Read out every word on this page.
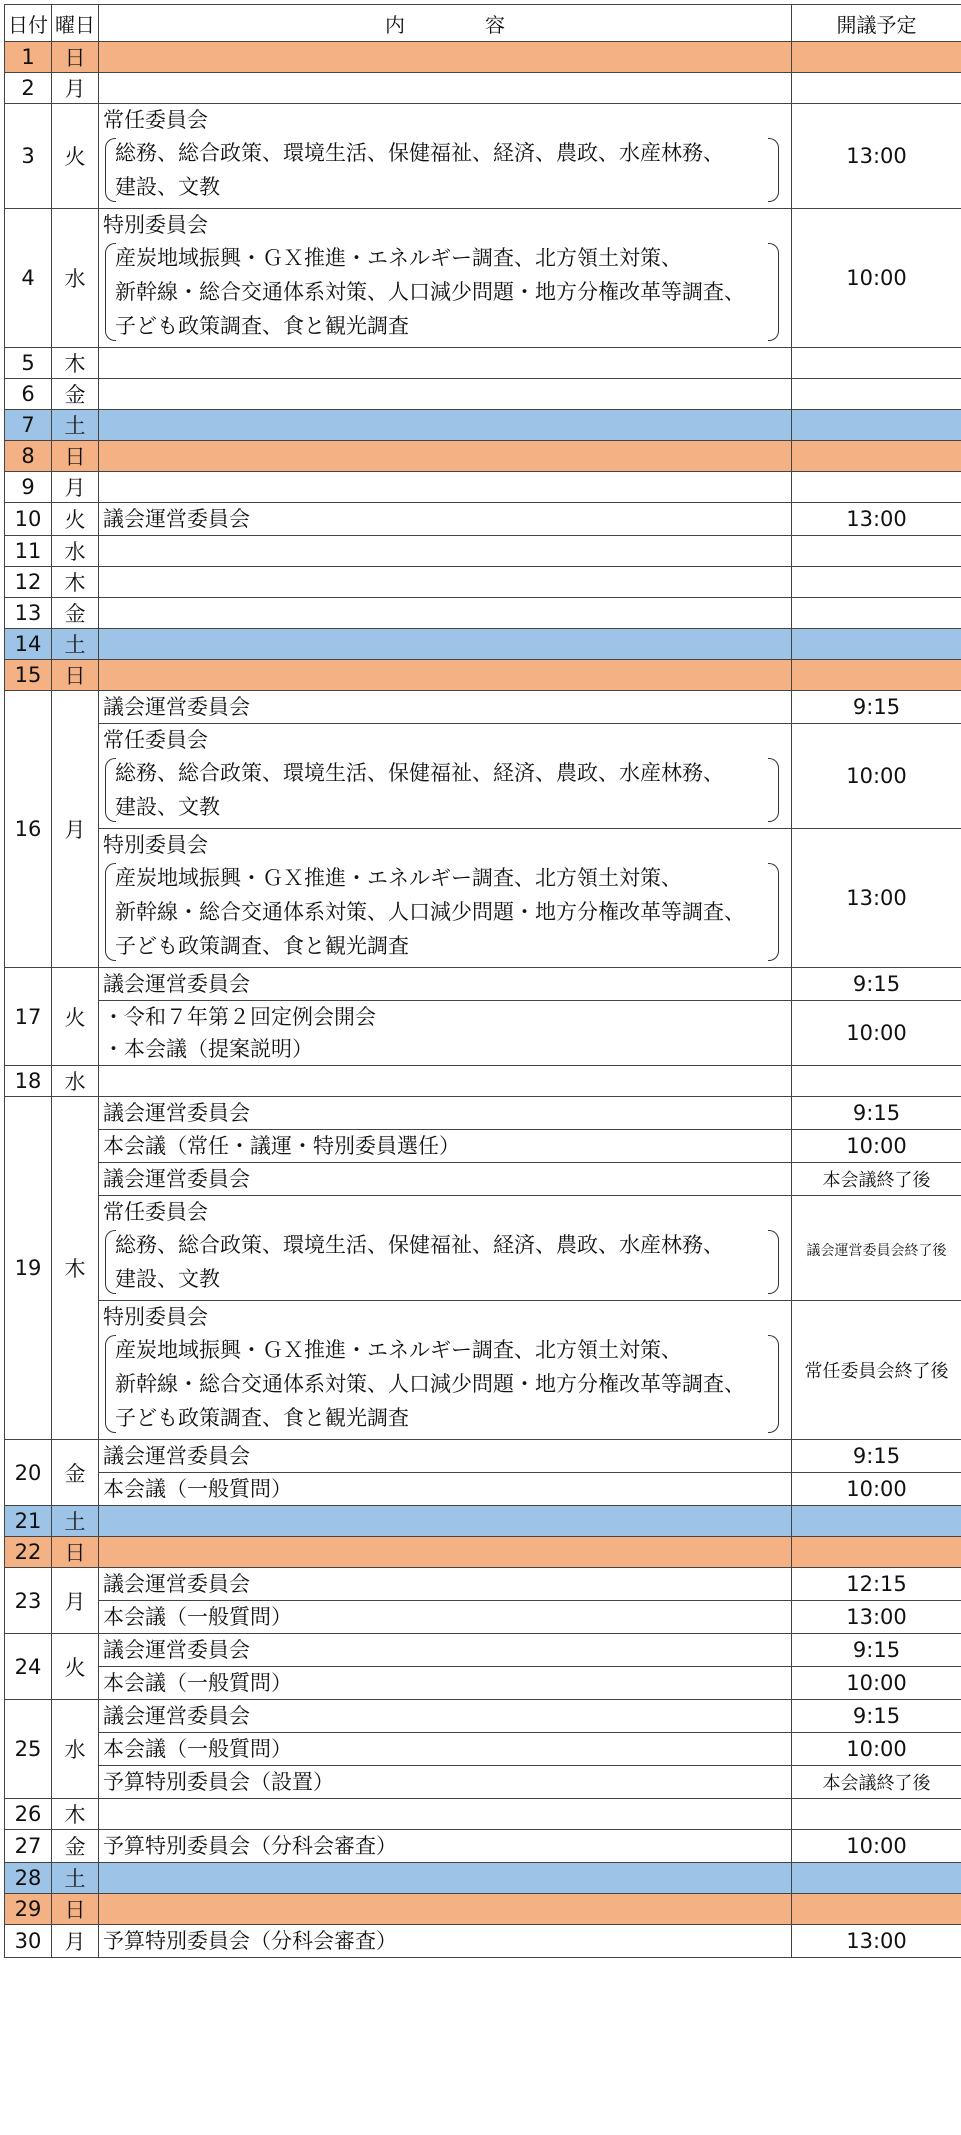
日付	曜日	内　　　　容	開議予定
1	日		
2	月		
3	火	常任委員会
総務、総合政策、環境生活、保健福祉、経済、農政、水産林務、
建設、文教	13:00
4	水	特別委員会
産炭地域振興・ＧＸ推進・エネルギー調査、北方領土対策、
新幹線・総合交通体系対策、人口減少問題・地方分権改革等調査、
子ども政策調査、食と観光調査	10:00
5	木		
6	金		
7	土		
8	日		
9	月		
10	火	議会運営委員会	13:00
11	水		
12	木		
13	金		
14	土		
15	日		
16	月	議会運営委員会	9:15

		常任委員会
総務、総合政策、環境生活、保健福祉、経済、農政、水産林務、
建設、文教	10:00

		特別委員会
産炭地域振興・ＧＸ推進・エネルギー調査、北方領土対策、
新幹線・総合交通体系対策、人口減少問題・地方分権改革等調査、
子ども政策調査、食と観光調査	13:00
17	火	議会運営委員会	9:15

		・令和７年第２回定例会開会
・本会議（提案説明）	10:00
18	水		
19	木	議会運営委員会	9:15

		本会議（常任・議運・特別委員選任）	10:00

		議会運営委員会	本会議終了後

		常任委員会
総務、総合政策、環境生活、保健福祉、経済、農政、水産林務、
建設、文教	議会運営委員会終了後

		特別委員会
産炭地域振興・ＧＸ推進・エネルギー調査、北方領土対策、
新幹線・総合交通体系対策、人口減少問題・地方分権改革等調査、
子ども政策調査、食と観光調査	常任委員会終了後
20	金	議会運営委員会	9:15

		本会議（一般質問）	10:00
21	土		
22	日		
23	月	議会運営委員会	12:15

		本会議（一般質問）	13:00
24	火	議会運営委員会	9:15

		本会議（一般質問）	10:00
25	水	議会運営委員会	9:15

		本会議（一般質問）	10:00

		予算特別委員会（設置）	本会議終了後
26	木		
27	金	予算特別委員会（分科会審査）	10:00
28	土		
29	日		
30	月	予算特別委員会（分科会審査）	13:00
